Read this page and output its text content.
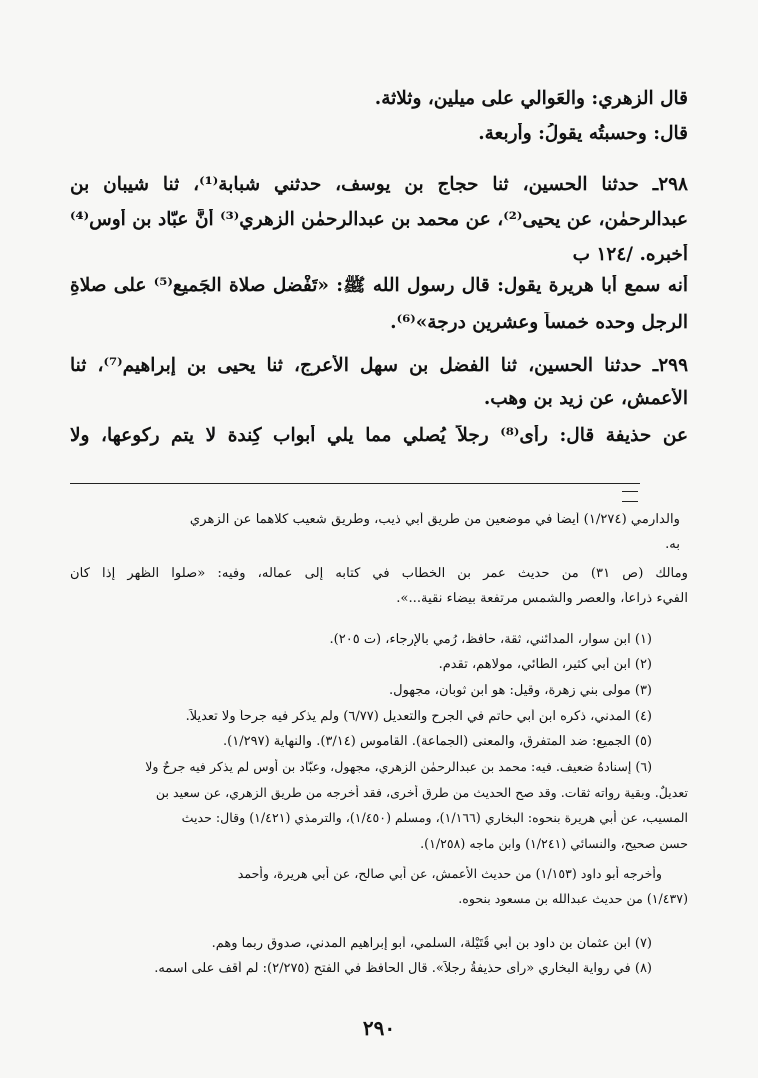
قال الزهري: والعَوالي على ميلين، وثلاثة.
قال: وحسبتُه يقولُ: وأربعة.
٢٩٨ـ حدثنا الحسين، ثنا حجاج بن يوسف، حدثني شبابة⁽¹⁾، ثنا شيبان بن
عبدالرحمٰن، عن يحيى⁽²⁾، عن محمد بن عبدالرحمٰن الزهري⁽³⁾ أنَّ عبّاد بن أوس⁽⁴⁾
أخبره. /١٢٤ ب
أنه سمع أبا هريرة يقول: قال رسول الله ﷺ: «تَفْضل صلاة الجَميع⁽⁵⁾ على صلاةِ
الرجل وحده خمساً وعشرين درجة»⁽⁶⁾.
٢٩٩ـ حدثنا الحسين، ثنا الفضل بن سهل الأعرج، ثنا يحيى بن إبراهيم⁽⁷⁾، ثنا
الأعمش، عن زيد بن وهب.
عن حذيفة قال: رأى⁽⁸⁾ رجلاً يُصلي مما يلي أبواب كِندة لا يتم ركوعها، ولا
والدارمي (١/٢٧٤) أيضاً في موضعين من طريق أبي ذيب، وطريق شعيب كلاهما عن الزهري
به.
ومالك (ص ٣١) من حديث عمر بن الخطاب في كتابه إلى عماله، وفيه: «صلوا الظهر إذا كان
الفيء ذراعاً، والعصر والشمس مرتفعة بيضاء نقية...».
(١) ابن سوار، المدائني، ثقة، حافظ، رُمي بالإرجاء، (ت ٢٠٥).
(٢) ابن أبي كثير، الطائي، مولاهم، تقدم.
(٣) مولى بني زهرة، وقيل: هو ابن ثوبان، مجهول.
(٤) المدني، ذكره ابن أبي حاتم في الجرح والتعديل (٦/٧٧) ولم يذكر فيه جرحاً ولا تعديلاً.
(٥) الجميع: ضد المتفرق، والمعنى (الجماعة). القاموس (٣/١٤). والنهاية (١/٢٩٧).
(٦) إسنادهُ ضعيف. فيه: محمد بن عبدالرحمٰن الزهري، مجهول، وعبّاد بن أوس لم يذكر فيه جرحٌ ولا
تعديلٌ. وبقية رواته ثقات. وقد صح الحديث من طرق أخرى، فقد أخرجه من طريق الزهري، عن سعيد بن
المسيب، عن أبي هريرة بنحوه: البخاري (١/١٦٦)، ومسلم (١/٤٥٠)، والترمذي (١/٤٢١) وقال: حديث
حسن صحيح، والنسائي (١/٢٤١) وابن ماجه (١/٢٥٨).
وأخرجه أبو داود (١/١٥٣) من حديث الأعمش، عن أبي صالح، عن أبي هريرة، وأحمد
(١/٤٣٧) من حديث عبدالله بن مسعود بنحوه.
(٧) ابن عثمان بن داود بن أبي قُتَيْلة، السلمي، أبو إبراهيم المدني، صدوق ربما وهم.
(٨) في رواية البخاري «رأى حذيفةُ رجلاً». قال الحافظ في الفتح (٢/٢٧٥): لم أقف على اسمه.
٢٩٠
